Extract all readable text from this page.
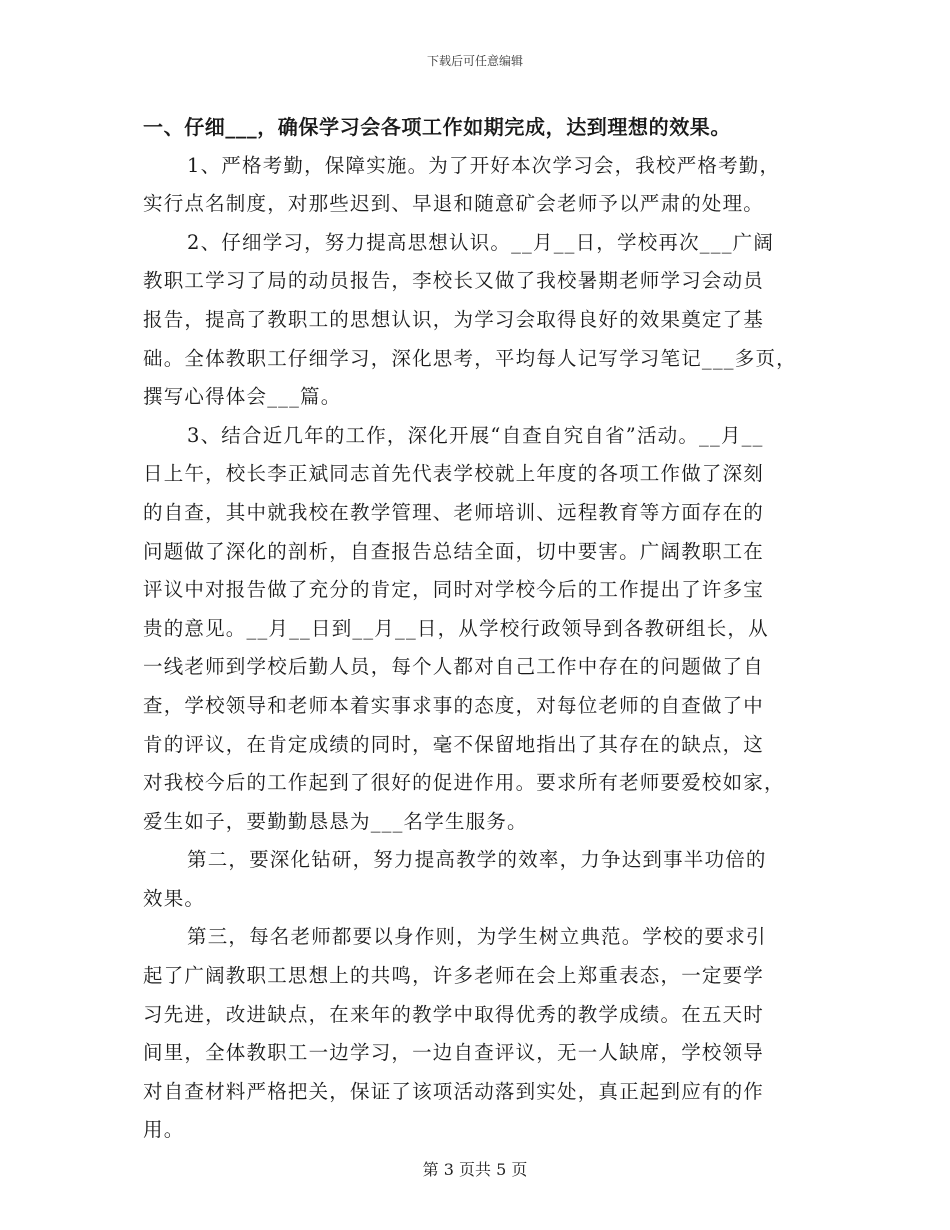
下载后可任意编辑
一、仔细___，确保学习会各项工作如期完成，达到理想的效果。
1、严格考勤，保障实施。为了开好本次学习会，我校严格考勤，
实行点名制度，对那些迟到、早退和随意矿会老师予以严肃的处理。
2、仔细学习，努力提高思想认识。__月__日，学校再次___广阔
教职工学习了局的动员报告，李校长又做了我校暑期老师学习会动员
报告，提高了教职工的思想认识，为学习会取得良好的效果奠定了基
础。全体教职工仔细学习，深化思考，平均每人记写学习笔记___多页，
撰写心得体会___篇。
3、结合近几年的工作，深化开展“自查自究自省”活动。__月__
日上午，校长李正斌同志首先代表学校就上年度的各项工作做了深刻
的自查，其中就我校在教学管理、老师培训、远程教育等方面存在的
问题做了深化的剖析，自查报告总结全面，切中要害。广阔教职工在
评议中对报告做了充分的肯定，同时对学校今后的工作提出了许多宝
贵的意见。__月__日到__月__日，从学校行政领导到各教研组长，从
一线老师到学校后勤人员，每个人都对自己工作中存在的问题做了自
查，学校领导和老师本着实事求事的态度，对每位老师的自查做了中
肯的评议，在肯定成绩的同时，毫不保留地指出了其存在的缺点，这
对我校今后的工作起到了很好的促进作用。要求所有老师要爱校如家，
爱生如子，要勤勤恳恳为___名学生服务。
第二，要深化钻研，努力提高教学的效率，力争达到事半功倍的
效果。
第三，每名老师都要以身作则，为学生树立典范。学校的要求引
起了广阔教职工思想上的共鸣，许多老师在会上郑重表态，一定要学
习先进，改进缺点，在来年的教学中取得优秀的教学成绩。在五天时
间里，全体教职工一边学习，一边自查评议，无一人缺席，学校领导
对自查材料严格把关，保证了该项活动落到实处，真正起到应有的作
用。
第 3 页共 5 页
